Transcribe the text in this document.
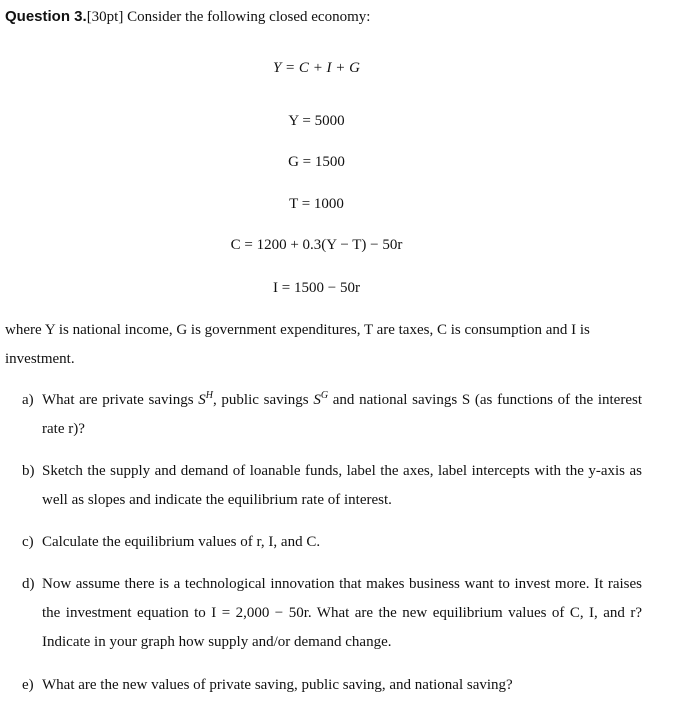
Question 3.[30pt] Consider the following closed economy:
Y = C + I + G
Y = 5000
G = 1500
T = 1000
C = 1200 + 0.3(Y − T) − 50r
I = 1500 − 50r
where Y is national income, G is government expenditures, T are taxes, C is consumption and I is investment.
a) What are private savings $S^H$, public savings $S^G$ and national savings S (as functions of the interest rate r)?
b) Sketch the supply and demand of loanable funds, label the axes, label intercepts with the y-axis as well as slopes and indicate the equilibrium rate of interest.
c) Calculate the equilibrium values of r, I, and C.
d) Now assume there is a technological innovation that makes business want to invest more. It raises the investment equation to I = 2,000 − 50r. What are the new equilibrium values of C, I, and r? Indicate in your graph how supply and/or demand change.
e) What are the new values of private saving, public saving, and national saving?
